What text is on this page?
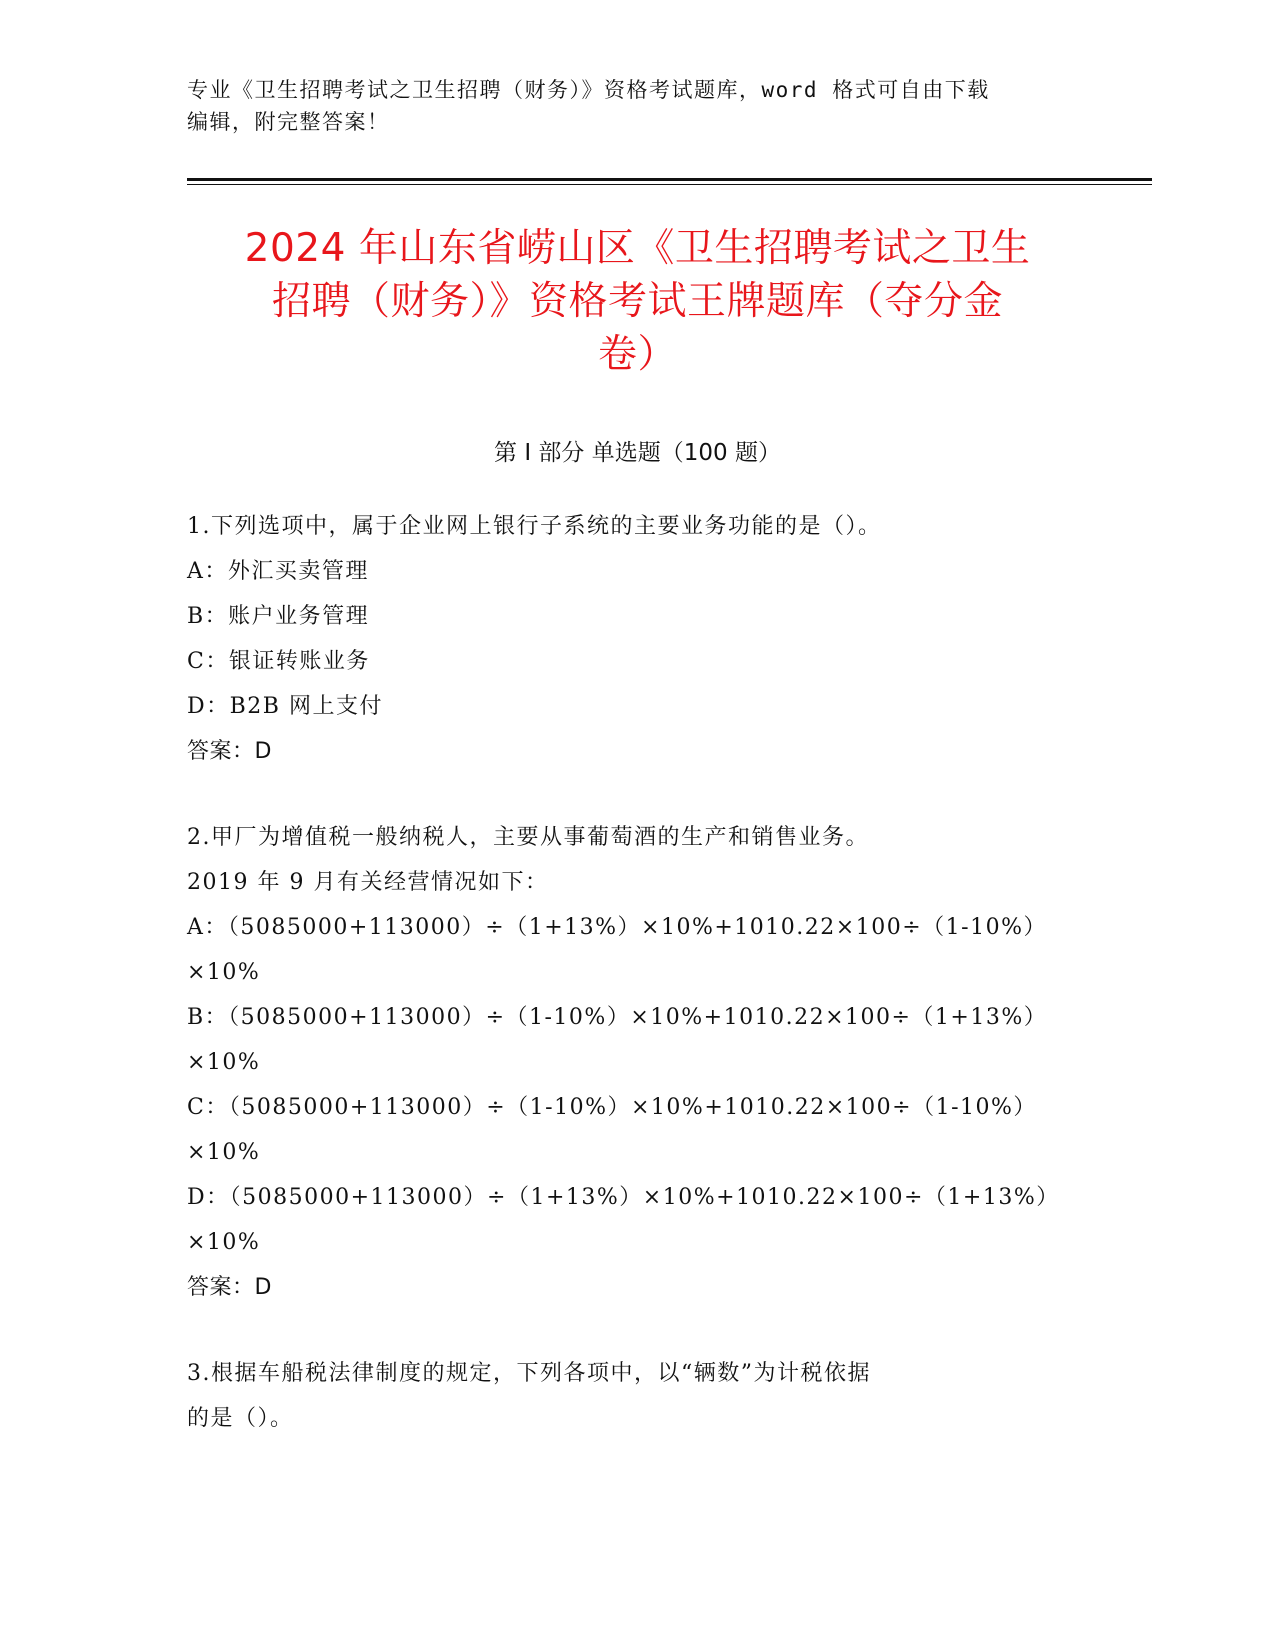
专业《卫生招聘考试之卫生招聘（财务）》资格考试题库，word 格式可自由下载
编辑，附完整答案！
2024 年山东省崂山区《卫生招聘考试之卫生
招聘（财务）》资格考试王牌题库（夺分金
卷）
第 I 部分 单选题（100 题）
1.下列选项中，属于企业网上银行子系统的主要业务功能的是（）。
A：外汇买卖管理
B：账户业务管理
C：银证转账业务
D：B2B 网上支付
答案：D
2.甲厂为增值税一般纳税人，主要从事葡萄酒的生产和销售业务。
2019 年 9 月有关经营情况如下：
A：（5085000+113000）÷（1+13%）×10%+1010.22×100÷（1-10%）
×10%
B：（5085000+113000）÷（1-10%）×10%+1010.22×100÷（1+13%）
×10%
C：（5085000+113000）÷（1-10%）×10%+1010.22×100÷（1-10%）
×10%
D：（5085000+113000）÷（1+13%）×10%+1010.22×100÷（1+13%）
×10%
答案：D
3.根据车船税法律制度的规定，下列各项中，以“辆数”为计税依据
的是（）。
